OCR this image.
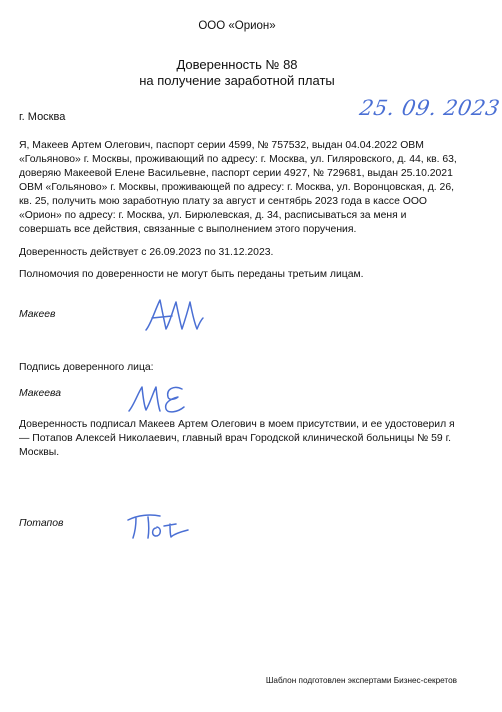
ООО «Орион»
Доверенность № 88
на получение заработной платы
г. Москва	25. 09. 2023
Я, Макеев Артем Олегович, паспорт серии 4599, № 757532, выдан 04.04.2022 ОВМ «Гольяново» г. Москвы, проживающий по адресу: г. Москва, ул. Гиляровского, д. 44, кв. 63, доверяю Макеевой Елене Васильевне, паспорт серии 4927, № 729681, выдан 25.10.2021 ОВМ «Гольяново» г. Москвы, проживающей по адресу: г. Москва, ул. Воронцовская, д. 26, кв. 25, получить мою заработную плату за август и сентябрь 2023 года в кассе ООО «Орион» по адресу: г. Москва, ул. Бирюлевская, д. 34, расписываться за меня и совершать все действия, связанные с выполнением этого поручения.
Доверенность действует с 26.09.2023 по 31.12.2023.
Полномочия по доверенности не могут быть переданы третьим лицам.
Макеев
Подпись доверенного лица:
Макеева
Доверенность подписал Макеев Артем Олегович в моем присутствии, и ее удостоверил я — Потапов Алексей Николаевич, главный врач Городской клинической больницы № 59 г. Москвы.
Потапов
Шаблон подготовлен экспертами Бизнес-секретов
